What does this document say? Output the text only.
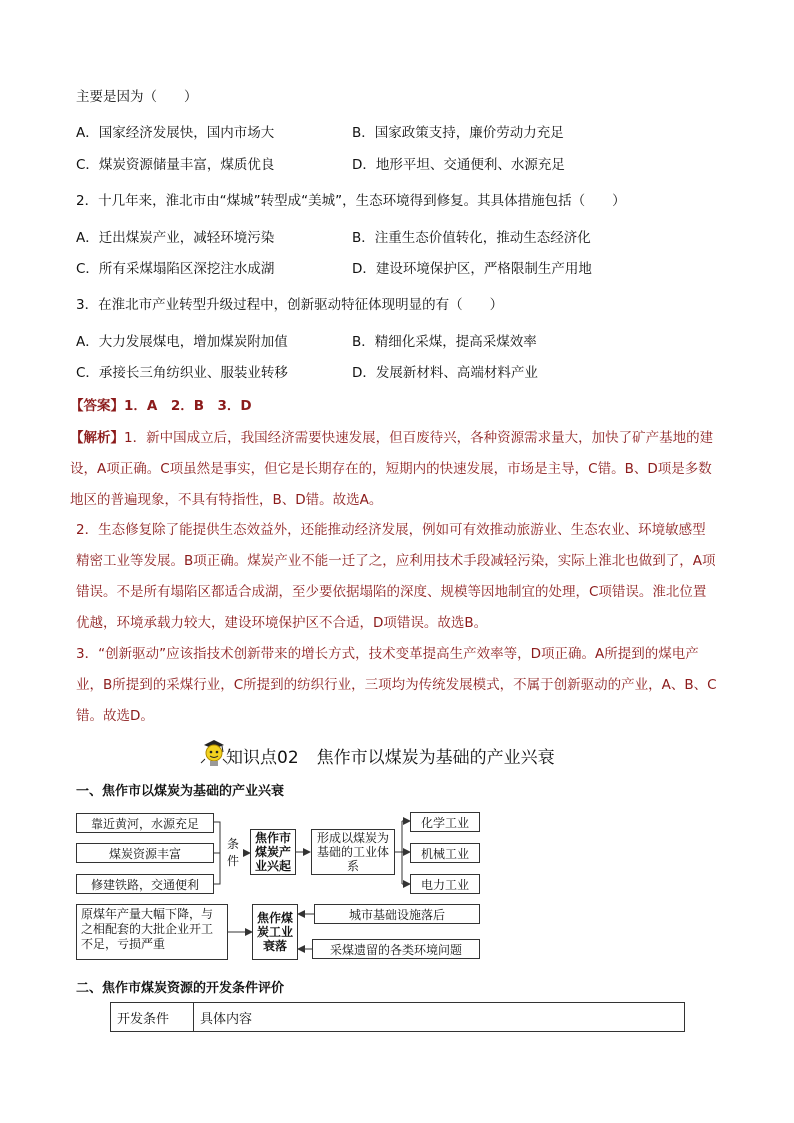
主要是因为（　　）
A．国家经济发展快，国内市场大	B．国家政策支持，廉价劳动力充足
C．煤炭资源储量丰富，煤质优良	D．地形平坦、交通便利、水源充足
2．十几年来，淮北市由“煤城”转型成“美城”，生态环境得到修复。其具体措施包括（　　）
A．迁出煤炭产业，减轻环境污染	B．注重生态价值转化，推动生态经济化
C．所有采煤塌陷区深挖注水成湖	D．建设环境保护区，严格限制生产用地
3．在淮北市产业转型升级过程中，创新驱动特征体现明显的有（　　）
A．大力发展煤电，增加煤炭附加值	B．精细化采煤，提高采煤效率
C．承接长三角纺织业、服装业转移	D．发展新材料、高端材料产业
【答案】1．A　2．B　3．D
【解析】1．新中国成立后，我国经济需要快速发展，但百废待兴，各种资源需求量大，加快了矿产基地的建设，A项正确。C项虽然是事实，但它是长期存在的，短期内的快速发展，市场是主导，C错。B、D项是多数地区的普遍现象，不具有特指性，B、D错。故选A。
2．生态修复除了能提供生态效益外，还能推动经济发展，例如可有效推动旅游业、生态农业、环境敏感型精密工业等发展。B项正确。煤炭产业不能一迁了之，应利用技术手段减轻污染，实际上淮北也做到了，A项错误。不是所有塌陷区都适合成湖，至少要依据塌陷的深度、规模等因地制宜的处理，C项错误。淮北位置优越，环境承载力较大，建设环境保护区不合适，D项错误。故选B。
3．“创新驱动”应该指技术创新带来的增长方式，技术变革提高生产效率等，D项正确。A所提到的煤电产业，B所提到的采煤行业，C所提到的纺织行业，三项均为传统发展模式，不属于创新驱动的产业，A、B、C错。故选D。
知识点02 焦作市以煤炭为基础的产业兴衰
一、焦作市以煤炭为基础的产业兴衰
靠近黄河，水源充足
煤炭资源丰富
修建铁路，交通便利
条件
焦作市煤炭产业兴起
形成以煤炭为基础的工业体系
化学工业
机械工业
电力工业
原煤年产量大幅下降，与之相配套的大批企业开工不足，亏损严重
焦作煤炭工业衰落
城市基础设施落后
采煤遗留的各类环境问题
二、焦作市煤炭资源的开发条件评价
开发条件	具体内容
